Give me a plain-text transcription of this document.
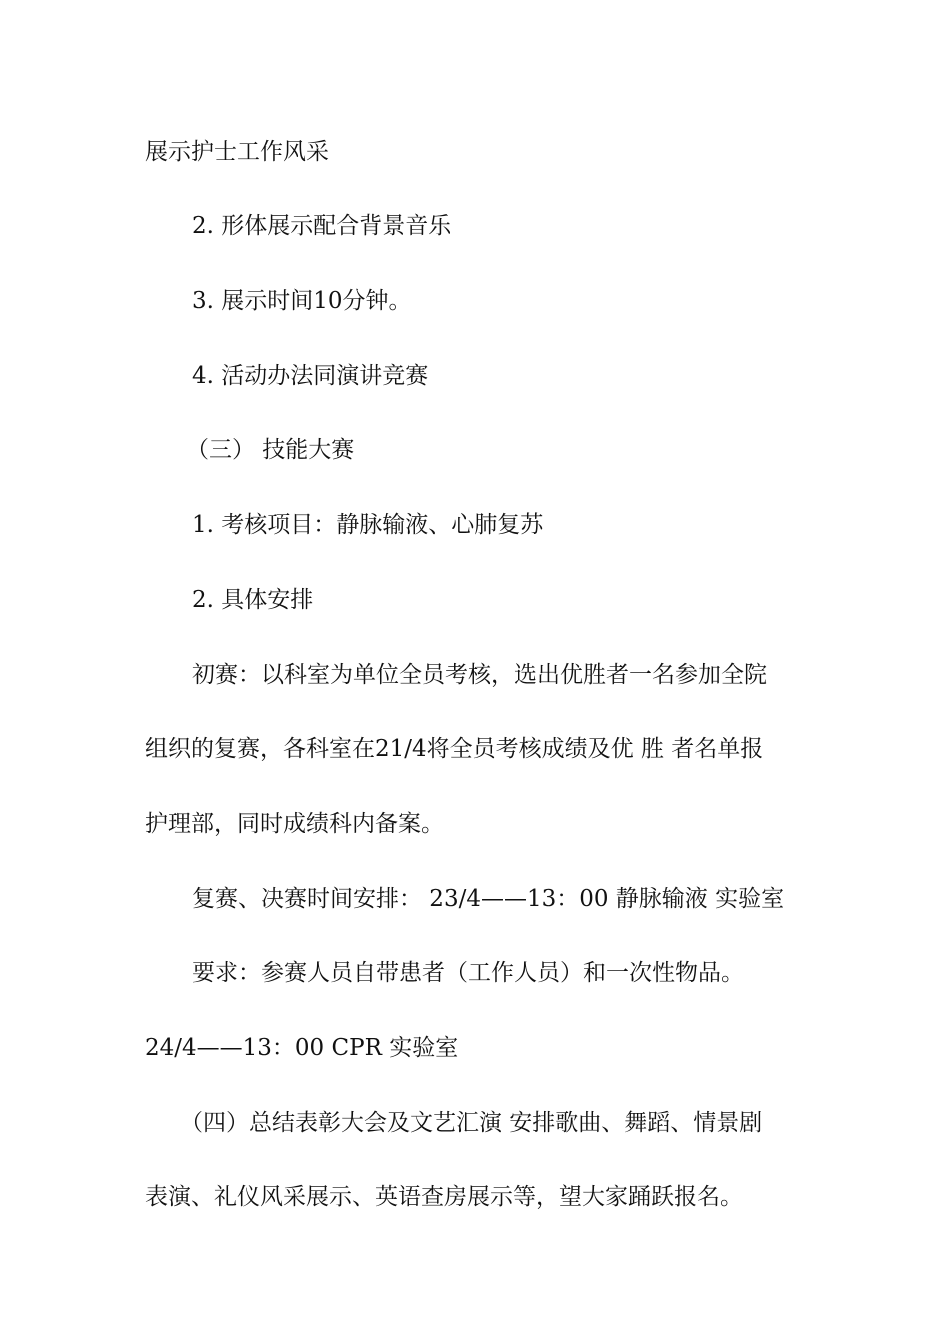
展示护士工作风采
2. 形体展示配合背景音乐
3. 展示时间10分钟。
4. 活动办法同演讲竞赛
（三） 技能大赛
1. 考核项目：静脉输液、心肺复苏
2. 具体安排
初赛：以科室为单位全员考核，选出优胜者一名参加全院
组织的复赛，各科室在21/4将全员考核成绩及优 胜 者名单报
护理部，同时成绩科内备案。
复赛、决赛时间安排： 23/4——13：00 静脉输液 实验室
要求：参赛人员自带患者（工作人员）和一次性物品。
24/4——13：00 CPR 实验室
（四）总结表彰大会及文艺汇演 安排歌曲、舞蹈、情景剧
表演、礼仪风采展示、英语查房展示等，望大家踊跃报名。
